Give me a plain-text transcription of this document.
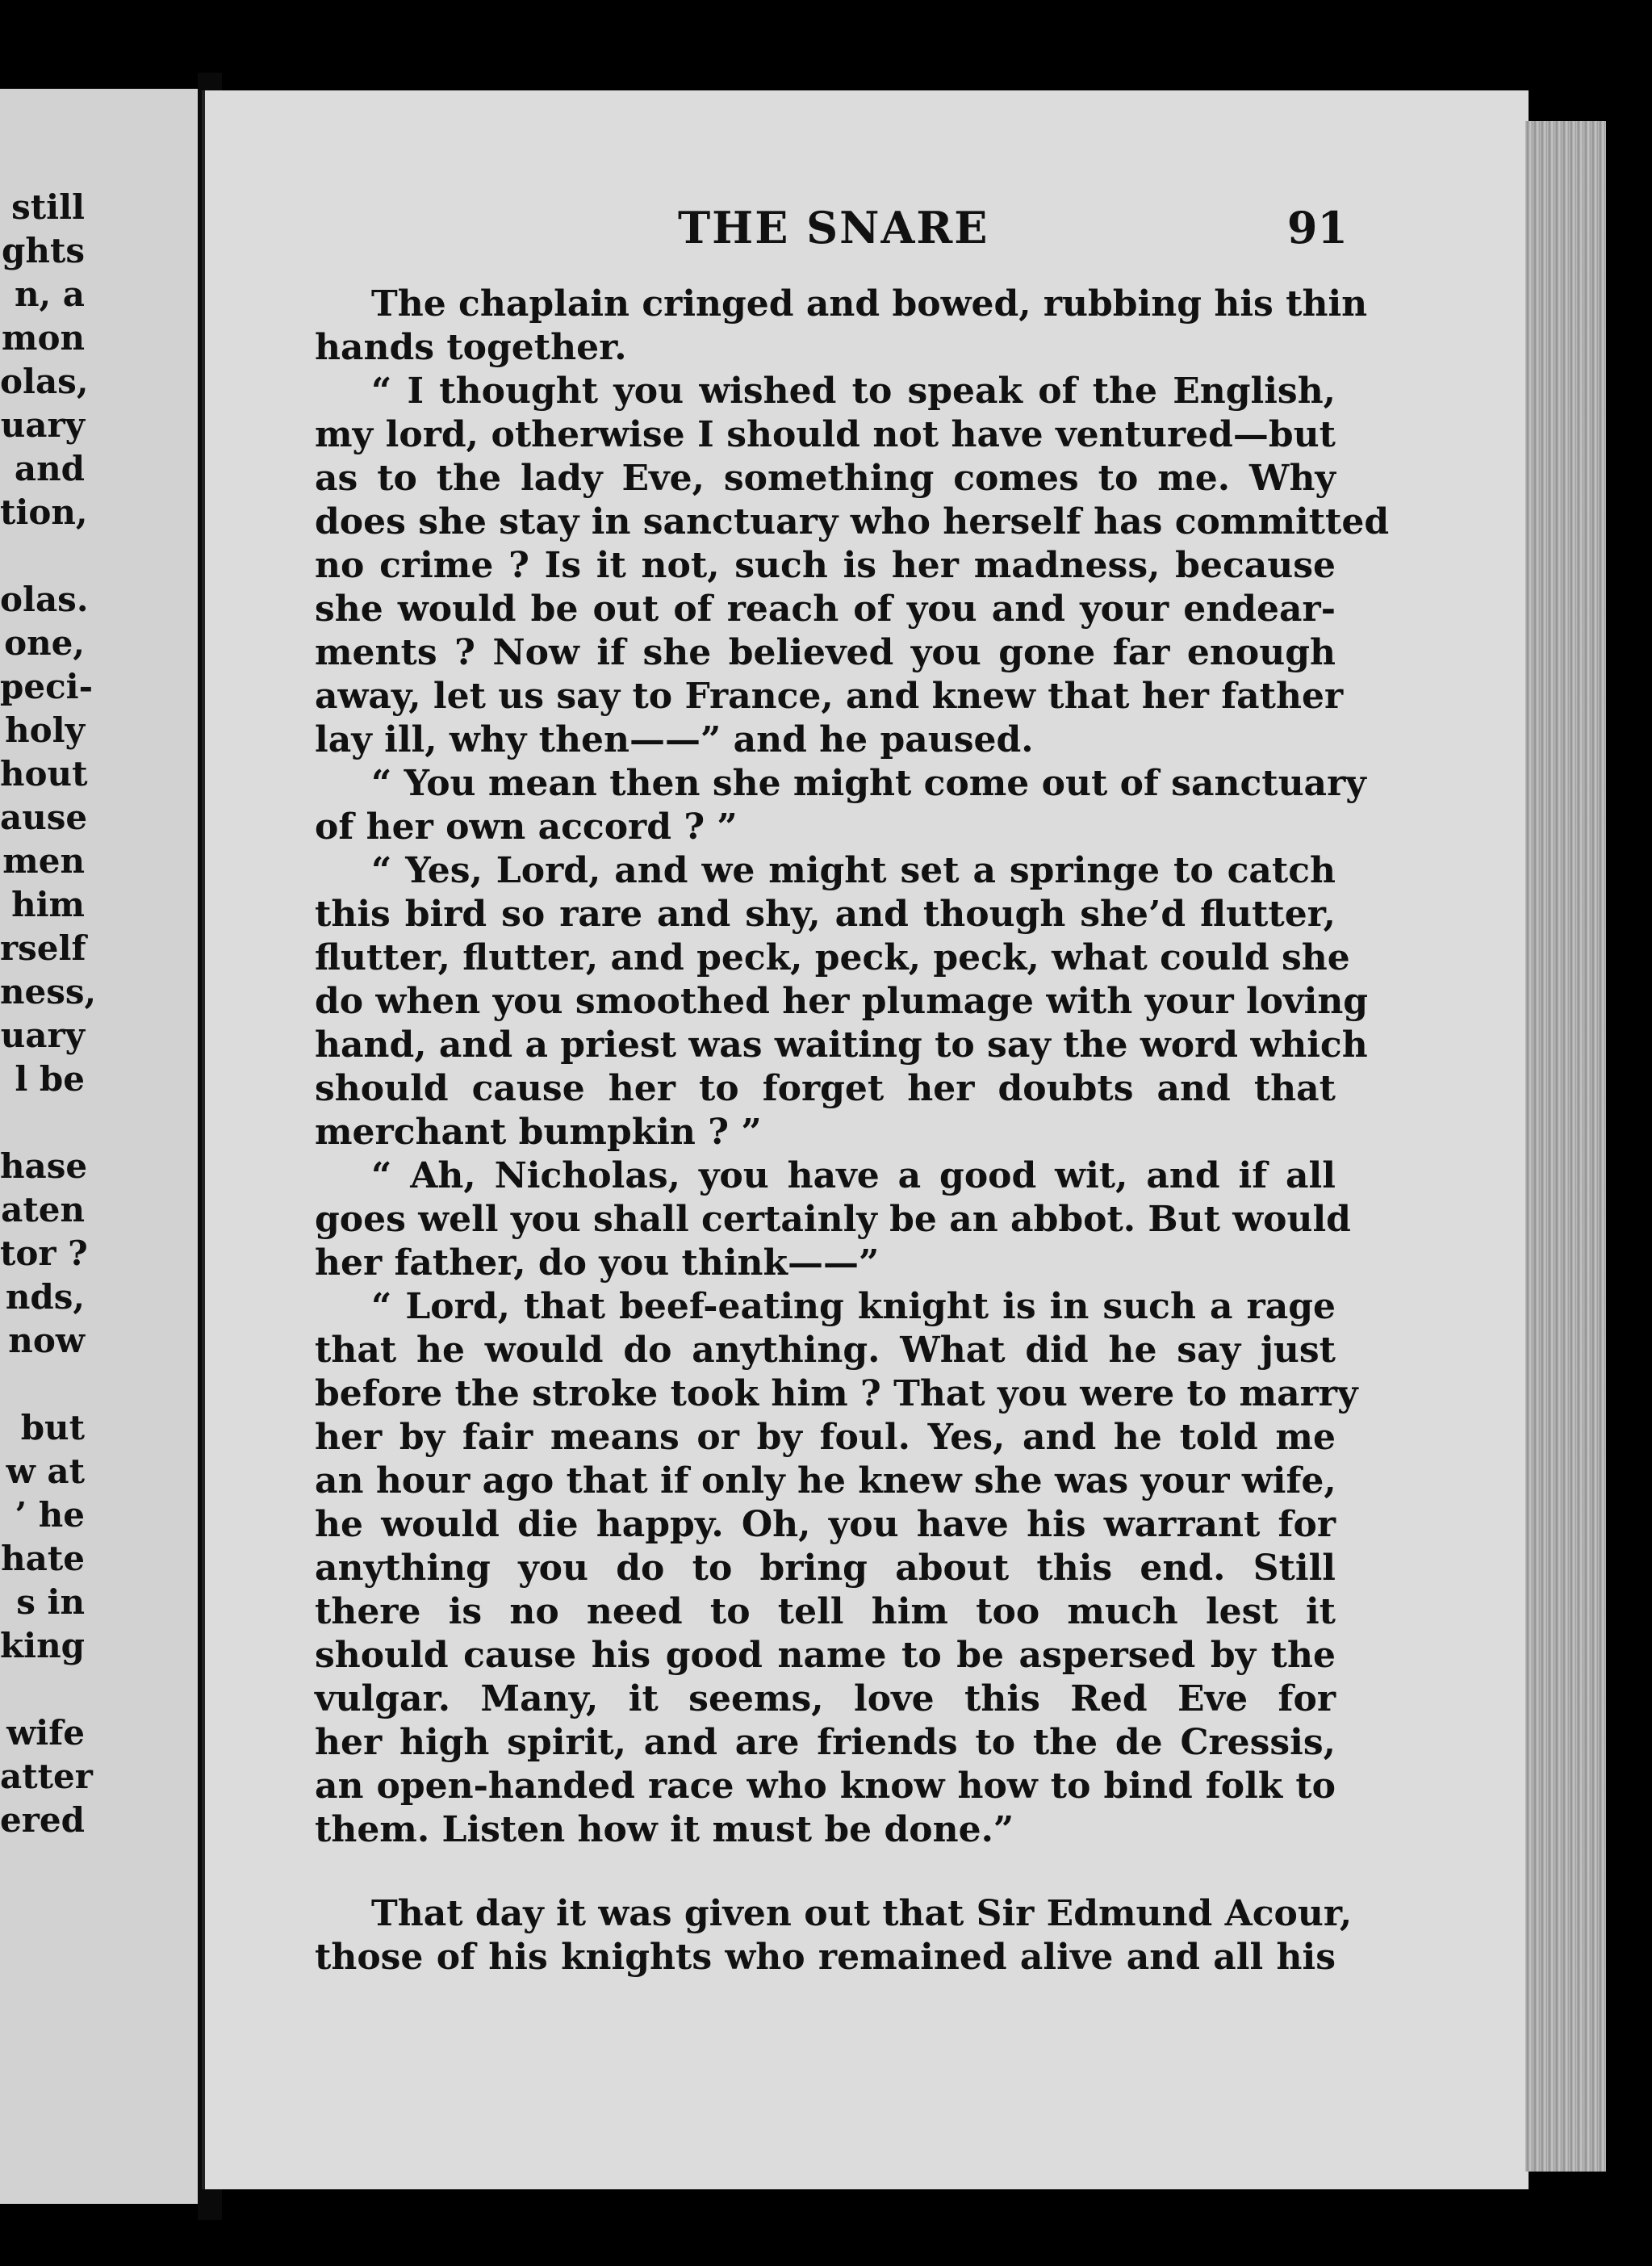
still
ghts
n, a
mon
olas,
uary
and
tion,
olas.
one,
peci-
holy
hout
ause
men
him
rself
ness,
uary
l be
hase
aten
tor ?
nds,
now
but
w at
’ he
hate
s in
king
wife
atter
ered
THE SNARE	91
The chaplain cringed and bowed, rubbing his thin
hands together.
“ I thought you wished to speak of the English,
my lord, otherwise I should not have ventured—but
as to the lady Eve, something comes to me. Why
does she stay in sanctuary who herself has committed
no crime ? Is it not, such is her madness, because
she would be out of reach of you and your endear-
ments ? Now if she believed you gone far enough
away, let us say to France, and knew that her father
lay ill, why then——” and he paused.
“ You mean then she might come out of sanctuary
of her own accord ? ”
“ Yes, Lord, and we might set a springe to catch
this bird so rare and shy, and though she’d flutter,
flutter, flutter, and peck, peck, peck, what could she
do when you smoothed her plumage with your loving
hand, and a priest was waiting to say the word which
should cause her to forget her doubts and that
merchant bumpkin ? ”
“ Ah, Nicholas, you have a good wit, and if all
goes well you shall certainly be an abbot. But would
her father, do you think——”
“ Lord, that beef-eating knight is in such a rage
that he would do anything. What did he say just
before the stroke took him ? That you were to marry
her by fair means or by foul. Yes, and he told me
an hour ago that if only he knew she was your wife,
he would die happy. Oh, you have his warrant for
anything you do to bring about this end. Still
there is no need to tell him too much lest it
should cause his good name to be aspersed by the
vulgar. Many, it seems, love this Red Eve for
her high spirit, and are friends to the de Cressis,
an open-handed race who know how to bind folk to
them. Listen how it must be done.”
That day it was given out that Sir Edmund Acour,
those of his knights who remained alive and all his
